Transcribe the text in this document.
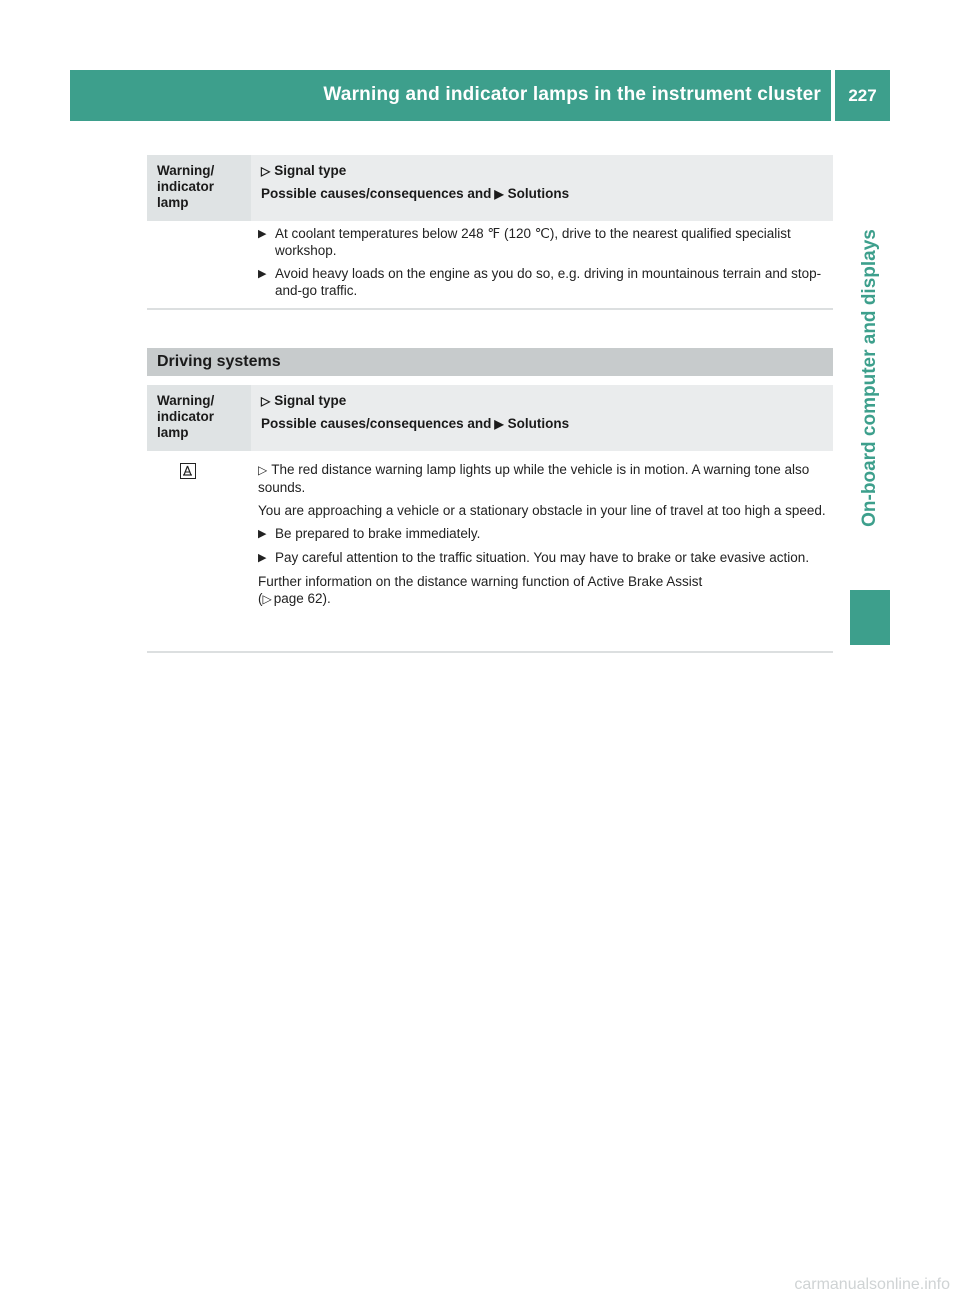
Warning and indicator lamps in the instrument cluster	227
On-board computer and displays
Warning/
indicator
lamp
▷ Signal type
Possible causes/consequences and ▶ Solutions
▶ At coolant temperatures below 248 ℉ (120 ℃), drive to the nearest qualified specialist workshop.
▶ Avoid heavy loads on the engine as you do so, e.g. driving in mountainous terrain and stop-and-go traffic.
Driving systems
Warning/
indicator
lamp
▷ Signal type
Possible causes/consequences and ▶ Solutions
▷ The red distance warning lamp lights up while the vehicle is in motion. A warning tone also sounds.
You are approaching a vehicle or a stationary obstacle in your line of travel at too high a speed.
▶ Be prepared to brake immediately.
▶ Pay careful attention to the traffic situation. You may have to brake or take evasive action.
Further information on the distance warning function of Active Brake Assist
(▷ page 62).
carmanualsonline.info
